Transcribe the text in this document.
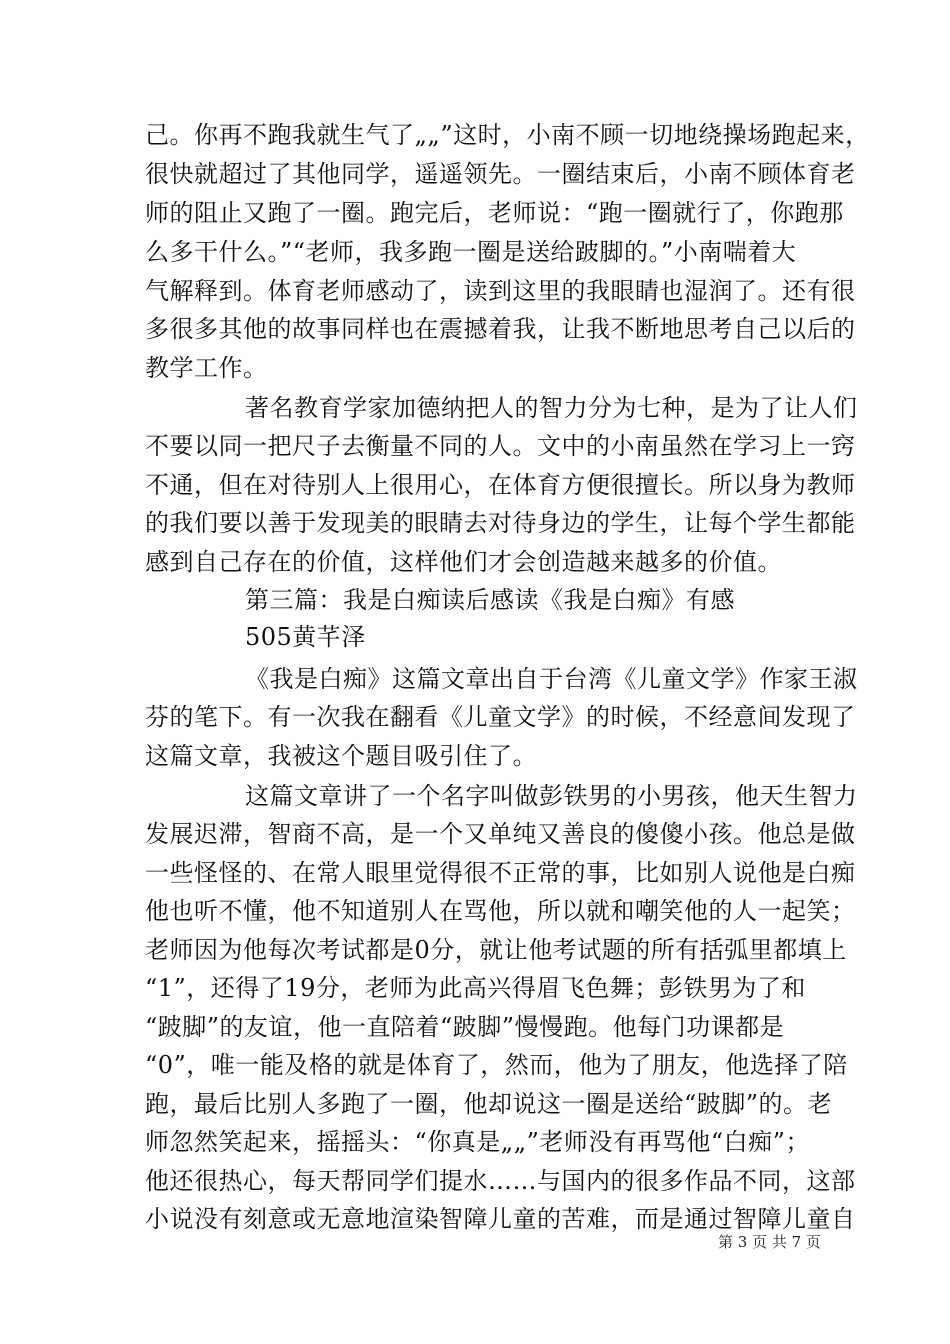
己。你再不跑我就生气了„„”这时，小南不顾一切地绕操场跑起来，
很快就超过了其他同学，遥遥领先。一圈结束后，小南不顾体育老
师的阻止又跑了一圈。跑完后，老师说：“跑一圈就行了，你跑那
么多干什么。”“老师，我多跑一圈是送给跛脚的。”小南喘着大
气解释到。体育老师感动了，读到这里的我眼睛也湿润了。还有很
多很多其他的故事同样也在震撼着我，让我不断地思考自己以后的
教学工作。
著名教育学家加德纳把人的智力分为七种，是为了让人们
不要以同一把尺子去衡量不同的人。文中的小南虽然在学习上一窍
不通，但在对待别人上很用心，在体育方便很擅长。所以身为教师
的我们要以善于发现美的眼睛去对待身边的学生，让每个学生都能
感到自己存在的价值，这样他们才会创造越来越多的价值。
第三篇：我是白痴读后感读《我是白痴》有感
505黄芊泽
《我是白痴》这篇文章出自于台湾《儿童文学》作家王淑
芬的笔下。有一次我在翻看《儿童文学》的时候，不经意间发现了
这篇文章，我被这个题目吸引住了。
这篇文章讲了一个名字叫做彭铁男的小男孩，他天生智力
发展迟滞，智商不高，是一个又单纯又善良的傻傻小孩。他总是做
一些怪怪的、在常人眼里觉得很不正常的事，比如别人说他是白痴
他也听不懂，他不知道别人在骂他，所以就和嘲笑他的人一起笑；
老师因为他每次考试都是0分，就让他考试题的所有括弧里都填上
“1”，还得了19分，老师为此高兴得眉飞色舞；彭铁男为了和
“跛脚”的友谊，他一直陪着“跛脚”慢慢跑。他每门功课都是
“0”，唯一能及格的就是体育了，然而，他为了朋友，他选择了陪
跑，最后比别人多跑了一圈，他却说这一圈是送给“跛脚”的。老
师忽然笑起来，摇摇头：“你真是„„”老师没有再骂他“白痴”；
他还很热心，每天帮同学们提水……与国内的很多作品不同，这部
小说没有刻意或无意地渲染智障儿童的苦难，而是通过智障儿童自
第 3 页 共 7 页
